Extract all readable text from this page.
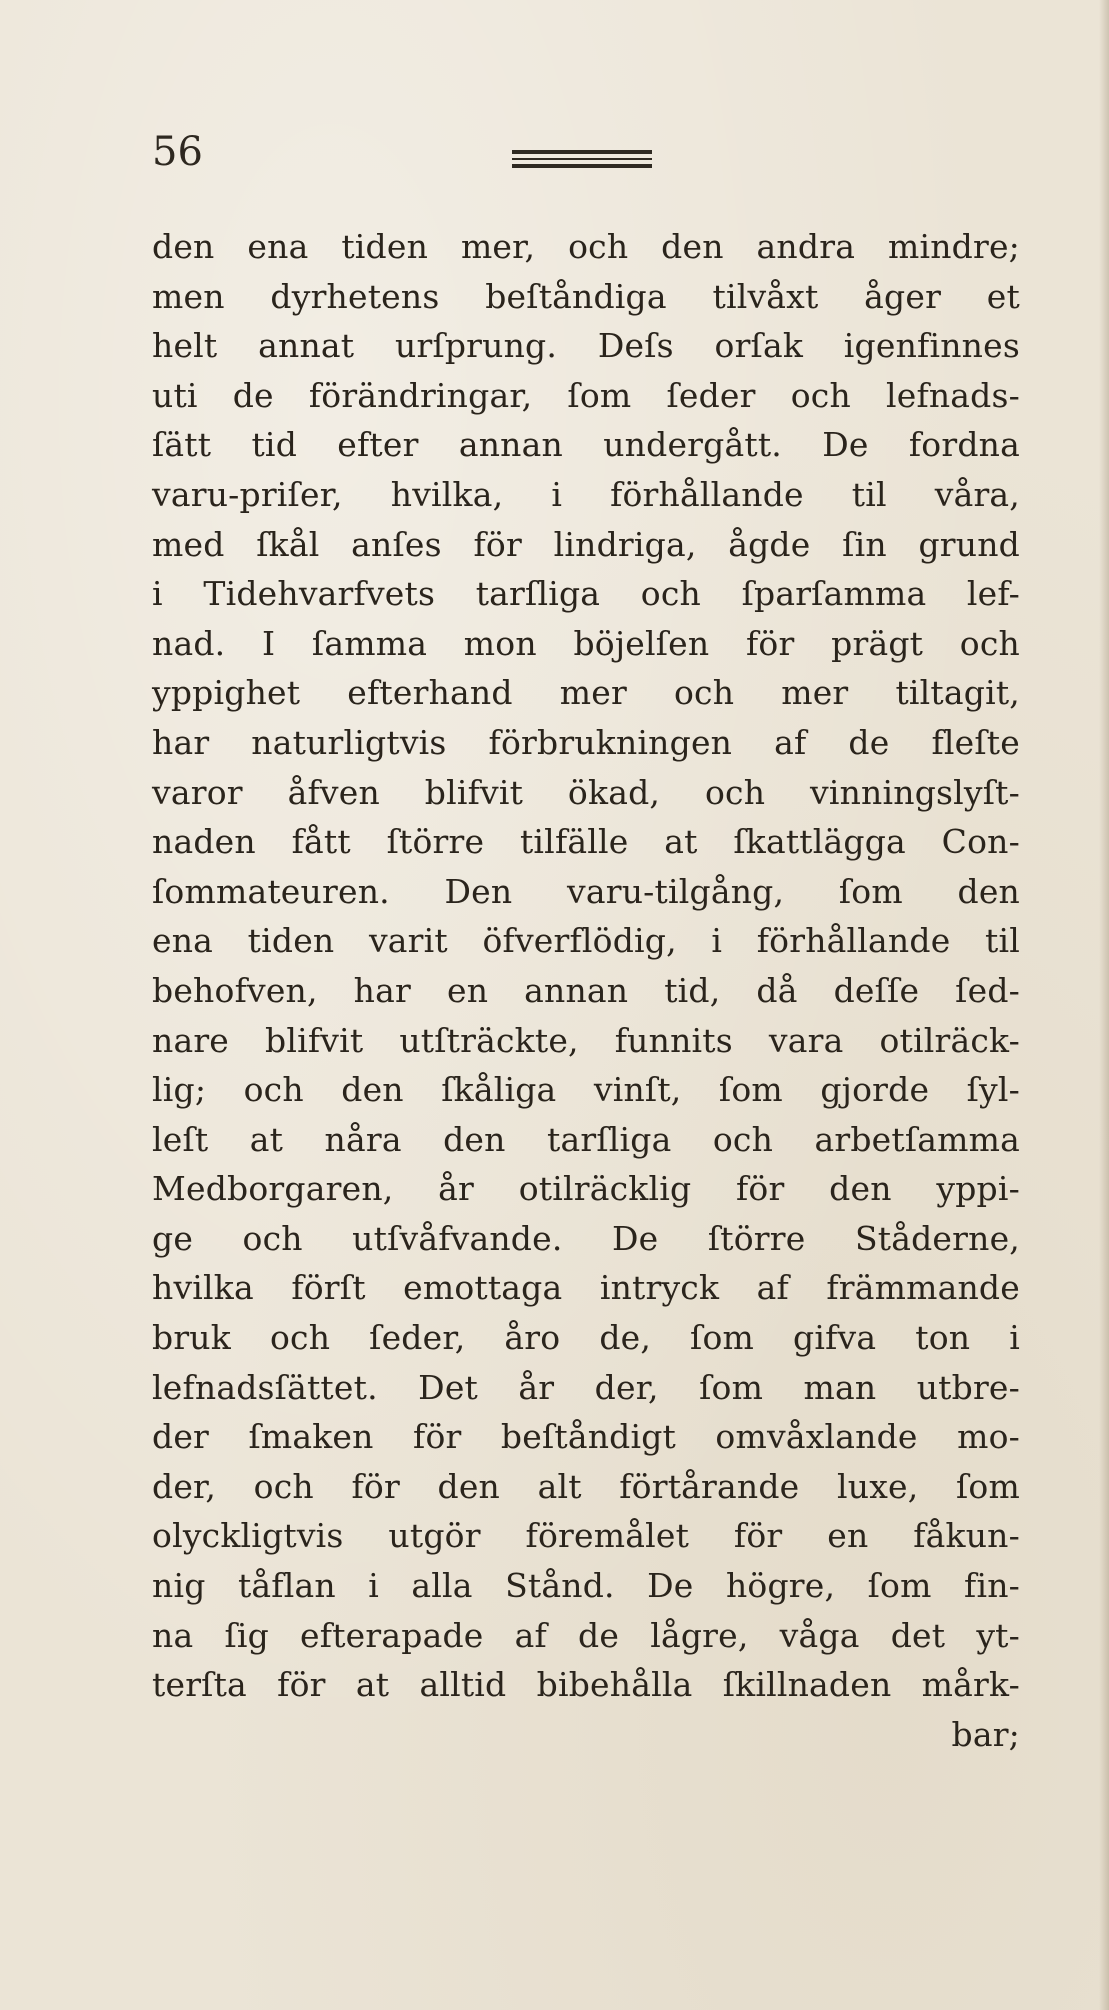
56
den ena tiden mer, och den andra mindre;
men dyrhetens beſtåndiga tilvåxt åger et
helt annat urſprung. Deſs orſak igenfinnes
uti de förändringar, ſom ſeder och lefnads-
ſätt tid efter annan undergått. De fordna
varu-priſer, hvilka, i förhållande til våra,
med ſkål anſes för lindriga, ågde ſin grund
i Tidehvarfvets tarſliga och ſparſamma lef-
nad. I ſamma mon böjelſen för prägt och
yppighet efterhand mer och mer tiltagit,
har naturligtvis förbrukningen af de fleſte
varor åfven blifvit ökad, och vinningslyſt-
naden fått ſtörre tilfälle at ſkattlägga Con-
ſommateuren. Den varu-tilgång, ſom den
ena tiden varit öfverflödig, i förhållande til
behofven, har en annan tid, då deſſe ſed-
nare blifvit utſträckte, funnits vara otilräck-
lig; och den ſkåliga vinſt, ſom gjorde ſyl-
leſt at nåra den tarſliga och arbetſamma
Medborgaren, år otilräcklig för den yppi-
ge och utſvåfvande. De ſtörre Ståderne,
hvilka förſt emottaga intryck af främmande
bruk och ſeder, åro de, ſom gifva ton i
lefnadsſättet. Det år der, ſom man utbre-
der ſmaken för beſtåndigt omvåxlande mo-
der, och för den alt förtårande luxe, ſom
olyckligtvis utgör föremålet för en fåkun-
nig tåflan i alla Stånd. De högre, ſom fin-
na ſig efterapade af de lågre, våga det yt-
terſta för at alltid bibehålla ſkillnaden mårk-
bar;
